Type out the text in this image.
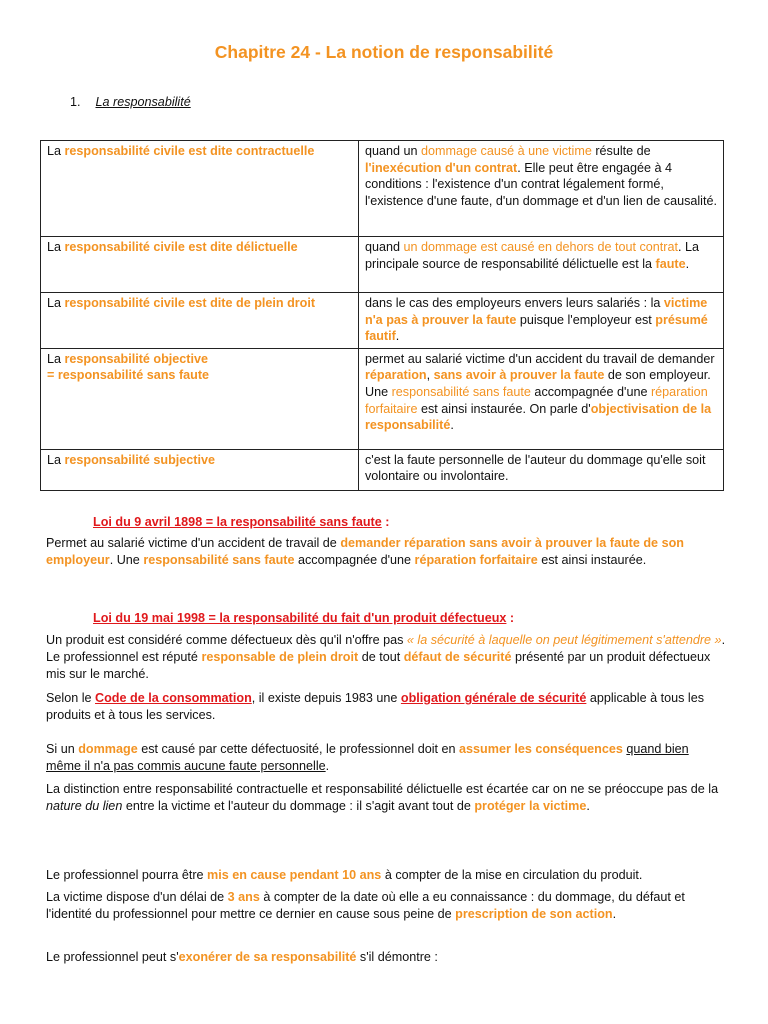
Chapitre 24 - La notion de responsabilité
1. La responsabilité
La responsabilité civile est dite contractuelle	quand un dommage causé à une victime résulte de l'inexécution d'un contrat. Elle peut être engagée à 4 conditions : l'existence d'un contrat légalement formé, l'existence d'une faute, d'un dommage et d'un lien de causalité.
La responsabilité civile est dite délictuelle	quand un dommage est causé en dehors de tout contrat. La principale source de responsabilité délictuelle est la faute.
La responsabilité civile est dite de plein droit	dans le cas des employeurs envers leurs salariés : la victime n'a pas à prouver la faute puisque l'employeur est présumé fautif.
La responsabilité objective
= responsabilité sans faute	permet au salarié victime d'un accident du travail de demander réparation, sans avoir à prouver la faute de son employeur. Une responsabilité sans faute accompagnée d'une réparation forfaitaire est ainsi instaurée. On parle d'objectivisation de la responsabilité.
La responsabilité subjective	c'est la faute personnelle de l'auteur du dommage qu'elle soit volontaire ou involontaire.
Loi du 9 avril 1898 = la responsabilité sans faute :

Permet au salarié victime d'un accident de travail de demander réparation sans avoir à prouver la faute de son employeur. Une responsabilité sans faute accompagnée d'une réparation forfaitaire est ainsi instaurée.

Loi du 19 mai 1998 = la responsabilité du fait d'un produit défectueux :

Un produit est considéré comme défectueux dès qu'il n'offre pas « la sécurité à laquelle on peut légitimement s'attendre ». Le professionnel est réputé responsable de plein droit de tout défaut de sécurité présenté par un produit défectueux mis sur le marché.

Selon le Code de la consommation, il existe depuis 1983 une obligation générale de sécurité applicable à tous les produits et à tous les services.

Si un dommage est causé par cette défectuosité, le professionnel doit en assumer les conséquences quand bien même il n'a pas commis aucune faute personnelle.

La distinction entre responsabilité contractuelle et responsabilité délictuelle est écartée car on ne se préoccupe pas de la nature du lien entre la victime et l'auteur du dommage : il s'agit avant tout de protéger la victime.

Le professionnel pourra être mis en cause pendant 10 ans à compter de la mise en circulation du produit.

La victime dispose d'un délai de 3 ans à compter de la date où elle a eu connaissance : du dommage, du défaut et l'identité du professionnel pour mettre ce dernier en cause sous peine de prescription de son action.

Le professionnel peut s'exonérer de sa responsabilité s'il démontre :
